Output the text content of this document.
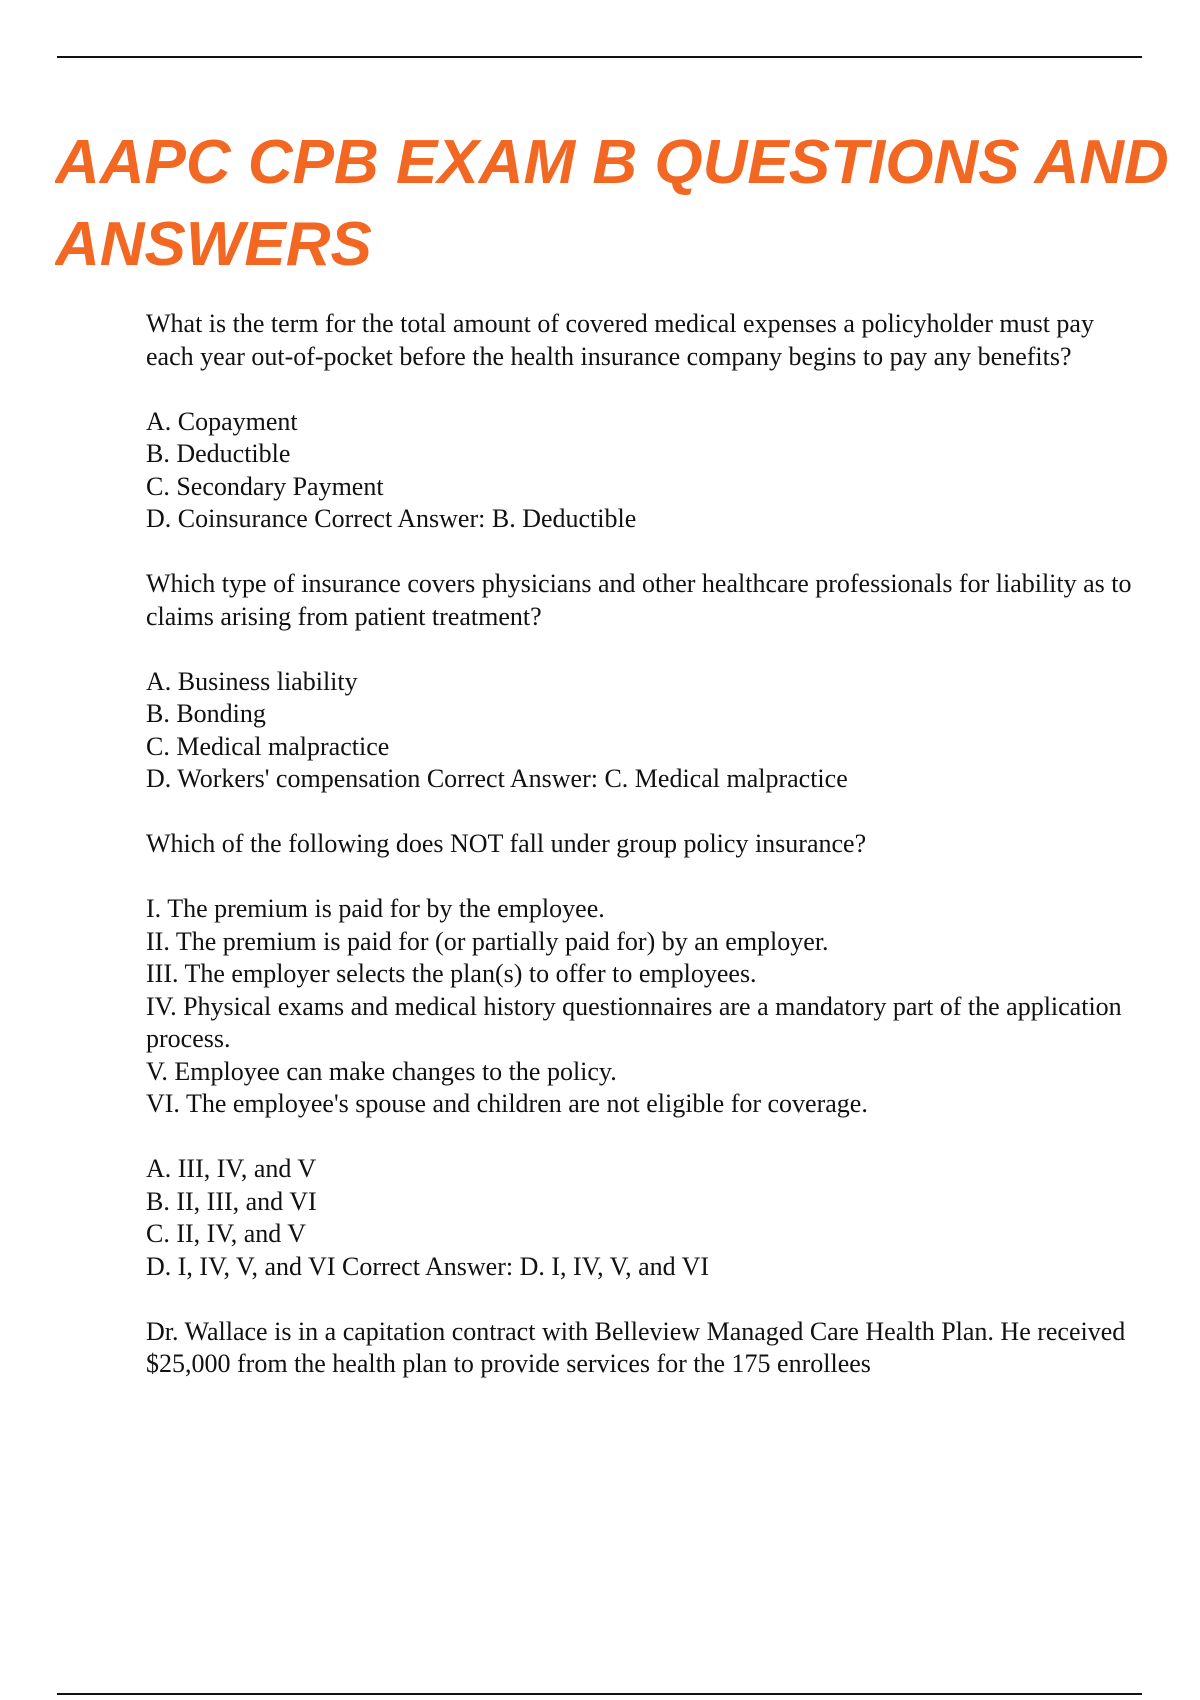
AAPC CPB EXAM B QUESTIONS AND
ANSWERS

What is the term for the total amount of covered medical expenses a policyholder must pay each year out-of-pocket before the health insurance company begins to pay any benefits?

A. Copayment

B. Deductible

C. Secondary Payment

D. Coinsurance Correct Answer: B. Deductible

Which type of insurance covers physicians and other healthcare professionals for liability as to claims arising from patient treatment?

A. Business liability

B. Bonding

C. Medical malpractice

D. Workers' compensation Correct Answer: C. Medical malpractice

Which of the following does NOT fall under group policy insurance?

I. The premium is paid for by the employee.

II. The premium is paid for (or partially paid for) by an employer.

III. The employer selects the plan(s) to offer to employees.

IV. Physical exams and medical history questionnaires are a mandatory part of the application process.

V. Employee can make changes to the policy.

VI. The employee's spouse and children are not eligible for coverage.

A. III, IV, and V

B. II, III, and VI

C. II, IV, and V

D. I, IV, V, and VI Correct Answer: D. I, IV, V, and VI

Dr. Wallace is in a capitation contract with Belleview Managed Care Health Plan. He received $25,000 from the health plan to provide services for the 175 enrollees
